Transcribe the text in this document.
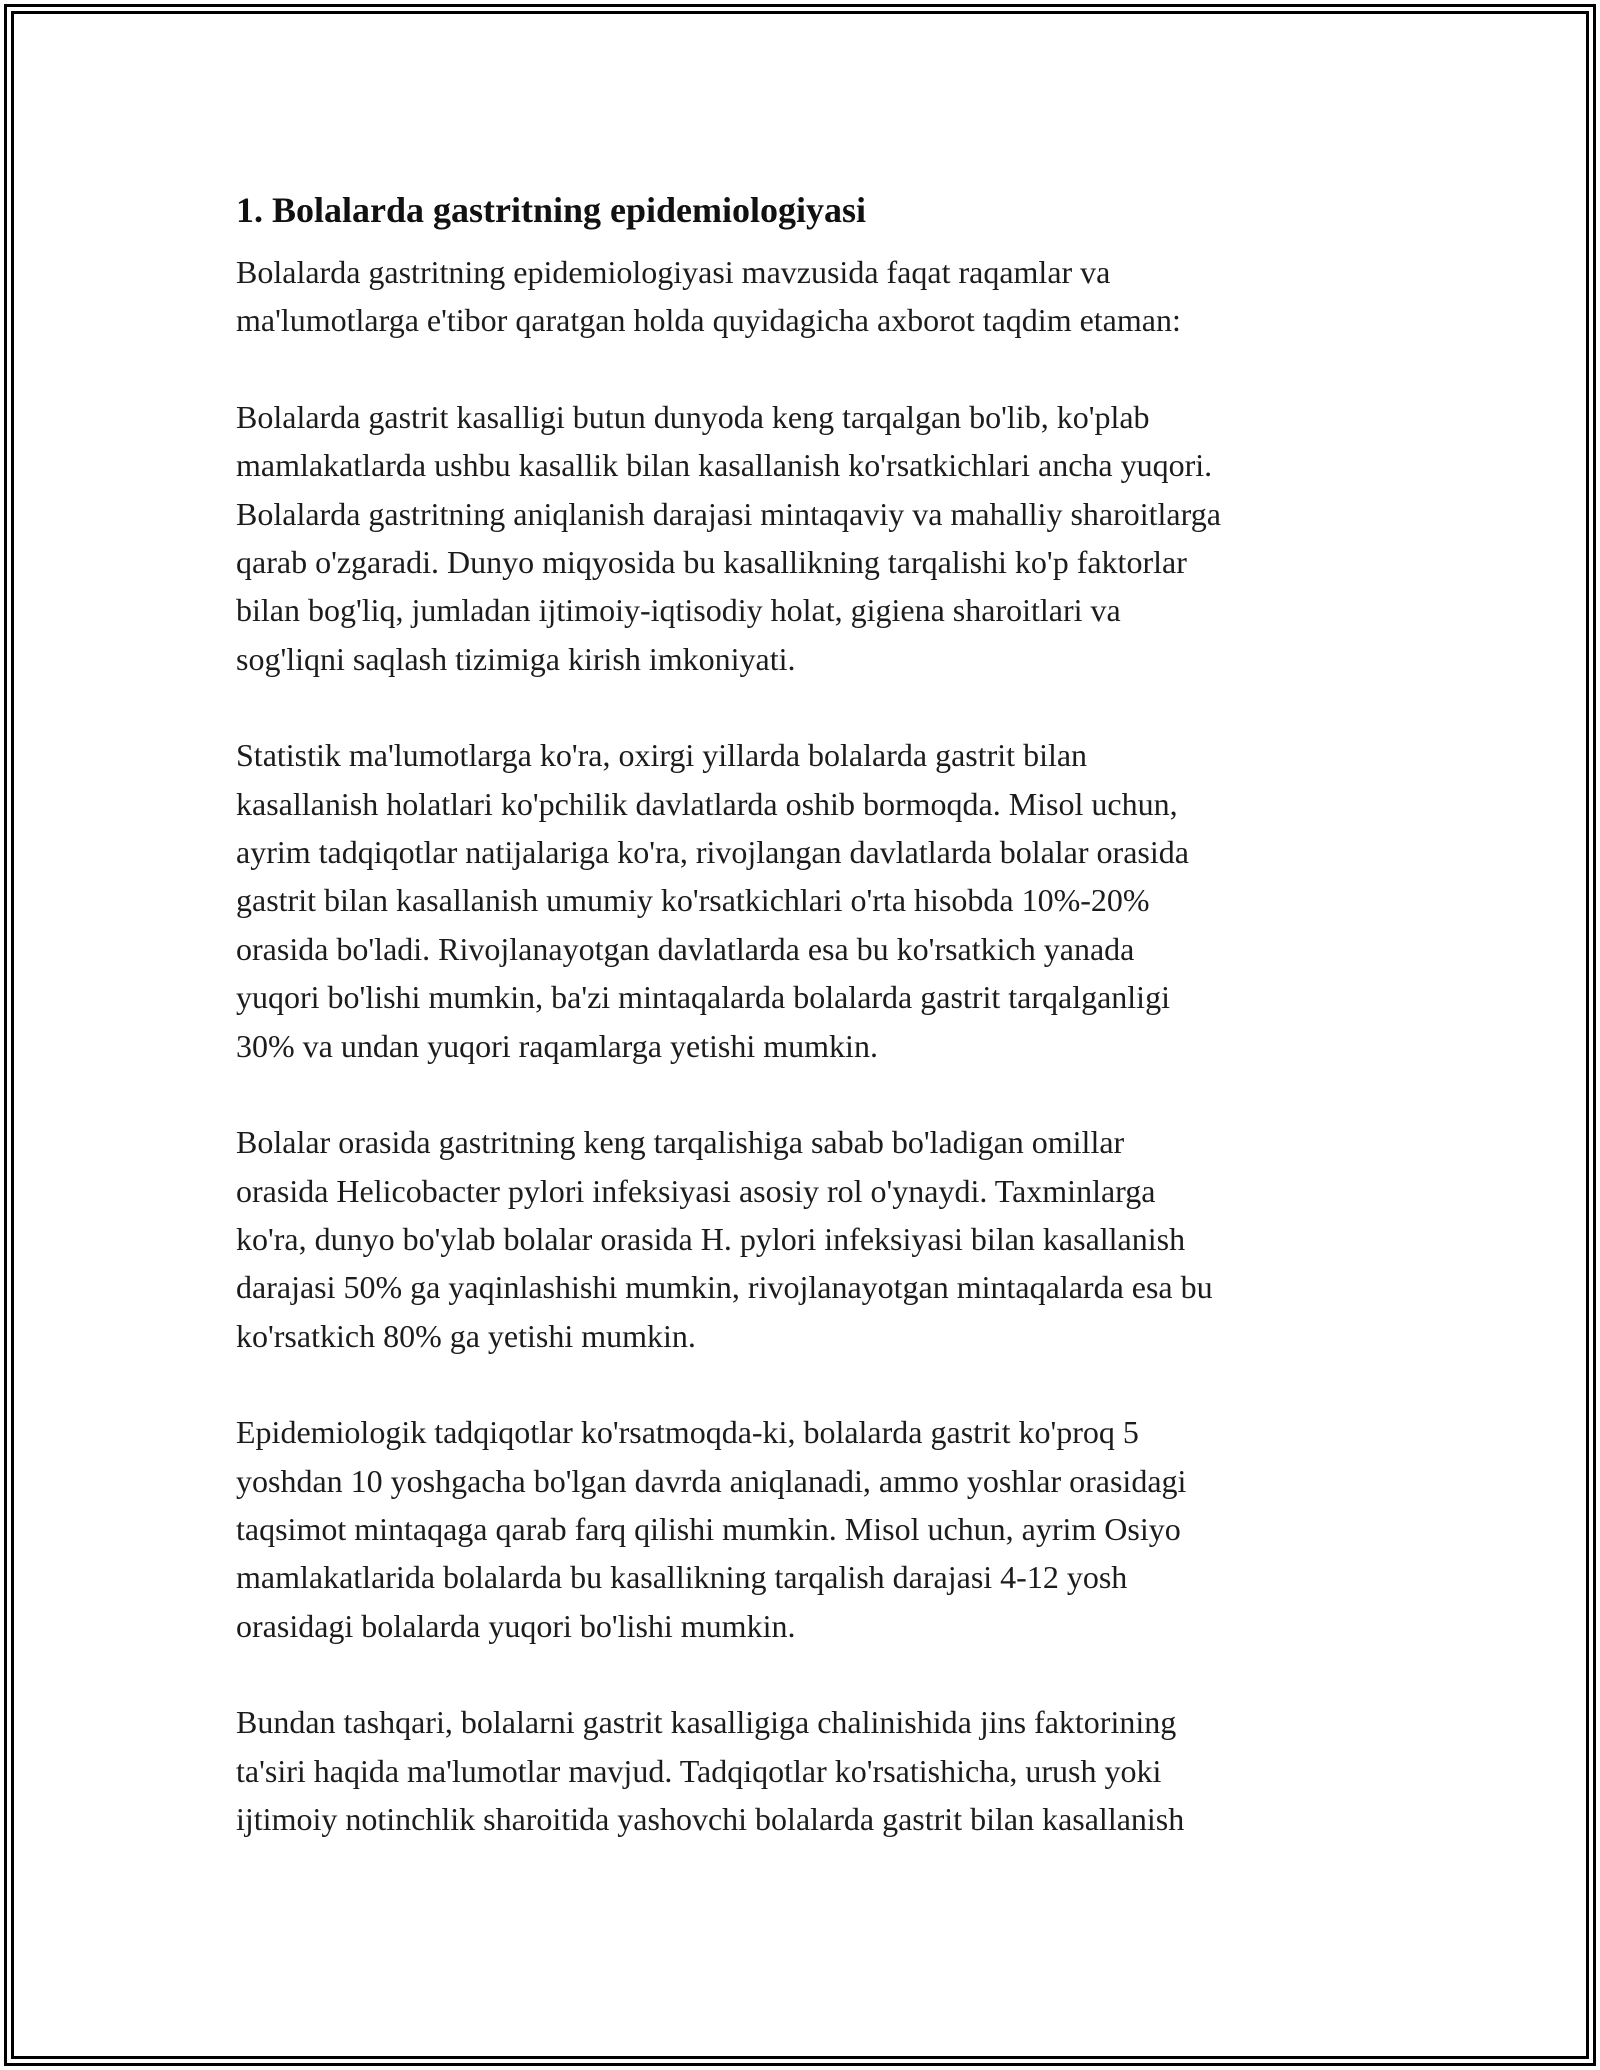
1. Bolalarda gastritning epidemiologiyasi

Bolalarda gastritning epidemiologiyasi mavzusida faqat raqamlar va
ma'lumotlarga e'tibor qaratgan holda quyidagicha axborot taqdim etaman:

Bolalarda gastrit kasalligi butun dunyoda keng tarqalgan bo'lib, ko'plab
mamlakatlarda ushbu kasallik bilan kasallanish ko'rsatkichlari ancha yuqori.
Bolalarda gastritning aniqlanish darajasi mintaqaviy va mahalliy sharoitlarga
qarab o'zgaradi. Dunyo miqyosida bu kasallikning tarqalishi ko'p faktorlar
bilan bog'liq, jumladan ijtimoiy-iqtisodiy holat, gigiena sharoitlari va
sog'liqni saqlash tizimiga kirish imkoniyati.

Statistik ma'lumotlarga ko'ra, oxirgi yillarda bolalarda gastrit bilan
kasallanish holatlari ko'pchilik davlatlarda oshib bormoqda. Misol uchun,
ayrim tadqiqotlar natijalariga ko'ra, rivojlangan davlatlarda bolalar orasida
gastrit bilan kasallanish umumiy ko'rsatkichlari o'rta hisobda 10%-20%
orasida bo'ladi. Rivojlanayotgan davlatlarda esa bu ko'rsatkich yanada
yuqori bo'lishi mumkin, ba'zi mintaqalarda bolalarda gastrit tarqalganligi
30% va undan yuqori raqamlarga yetishi mumkin.

Bolalar orasida gastritning keng tarqalishiga sabab bo'ladigan omillar
orasida Helicobacter pylori infeksiyasi asosiy rol o'ynaydi. Taxminlarga
ko'ra, dunyo bo'ylab bolalar orasida H. pylori infeksiyasi bilan kasallanish
darajasi 50% ga yaqinlashishi mumkin, rivojlanayotgan mintaqalarda esa bu
ko'rsatkich 80% ga yetishi mumkin.

Epidemiologik tadqiqotlar ko'rsatmoqda-ki, bolalarda gastrit ko'proq 5
yoshdan 10 yoshgacha bo'lgan davrda aniqlanadi, ammo yoshlar orasidagi
taqsimot mintaqaga qarab farq qilishi mumkin. Misol uchun, ayrim Osiyo
mamlakatlarida bolalarda bu kasallikning tarqalish darajasi 4-12 yosh
orasidagi bolalarda yuqori bo'lishi mumkin.

Bundan tashqari, bolalarni gastrit kasalligiga chalinishida jins faktorining
ta'siri haqida ma'lumotlar mavjud. Tadqiqotlar ko'rsatishicha, urush yoki
ijtimoiy notinchlik sharoitida yashovchi bolalarda gastrit bilan kasallanish
